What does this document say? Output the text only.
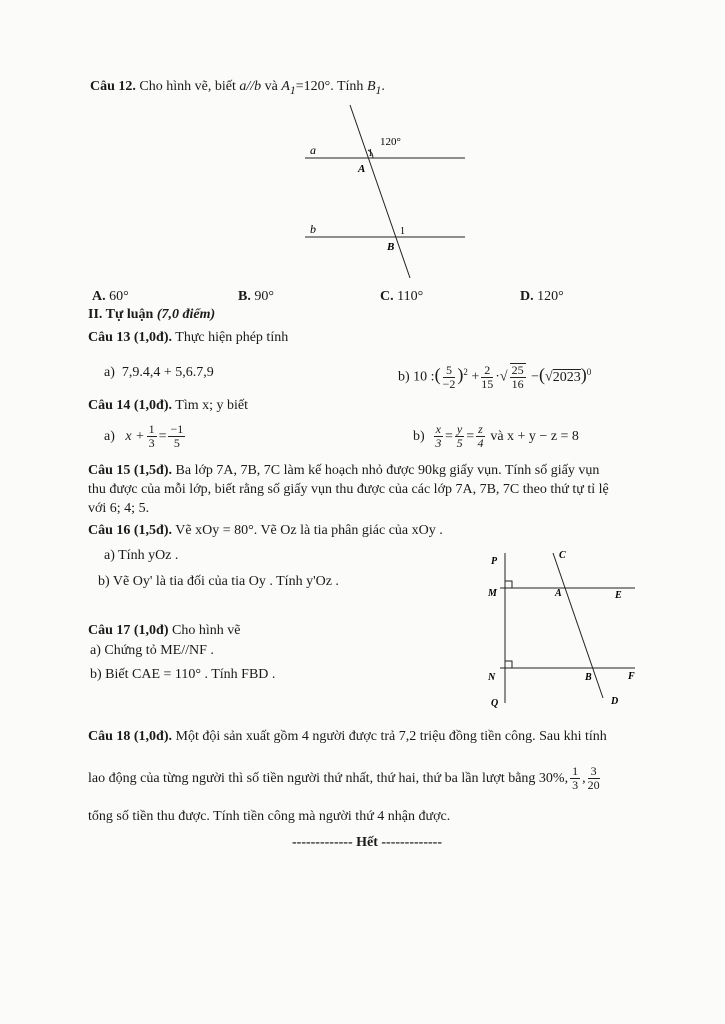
Câu 12. Cho hình vẽ, biết a//b và $A_1=120^\circ$. Tính $B_1$.
a
b
A
B
120°
1
1
A. 60°	B. 90°	C. 110°	D. 120°
II. Tự luận (7,0 điểm)
Câu 13 (1,0đ). Thực hiện phép tính
a) 7,9.4,4 + 5,6.7,9	b) 10 :( $\frac{5}{-2} )^2 + \frac{2}{15}$ ·√ $\frac{25}{16} -(√2023)^0$
Câu 14 (1,0đ). Tìm x; y biết
a) $x + \frac{1}{3} = \frac{-1}{5}$	$b) \frac{x}{3} = \frac{y}{5} = \frac{z}{4}$ và x + y − z = 8
Câu 15 (1,5đ). Ba lớp 7A, 7B, 7C làm kế hoạch nhỏ được 90kg giấy vụn. Tính số giấy vụn
thu được của mỗi lớp, biết rằng số giấy vụn thu được của các lớp 7A, 7B, 7C theo thứ tự tỉ lệ
với 6; 4; 5.
Câu 16 (1,5đ). Vẽ xOy = 80°. Vẽ Oz là tia phân giác của xOy .
a) Tính yOz .
b) Vẽ Oy' là tia đối của tia Oy . Tính y'Oz .
P
M
N
Q
A
B
C
D
E
F
Câu 17 (1,0đ) Cho hình vẽ
a) Chứng tỏ ME//NF .
b) Biết CAE = 110° . Tính FBD .
Câu 18 (1,0đ). Một đội sản xuất gồm 4 người được trả 7,2 triệu đồng tiền công. Sau khi tính
lao động của từng người thì số tiền người thứ nhất, thứ hai, thứ ba lần lượt bằng 30%, $\frac{1}{3}$ , $\frac{3}{20}$
tổng số tiền thu được. Tính tiền công mà người thứ 4 nhận được.
------------- Hết -------------
